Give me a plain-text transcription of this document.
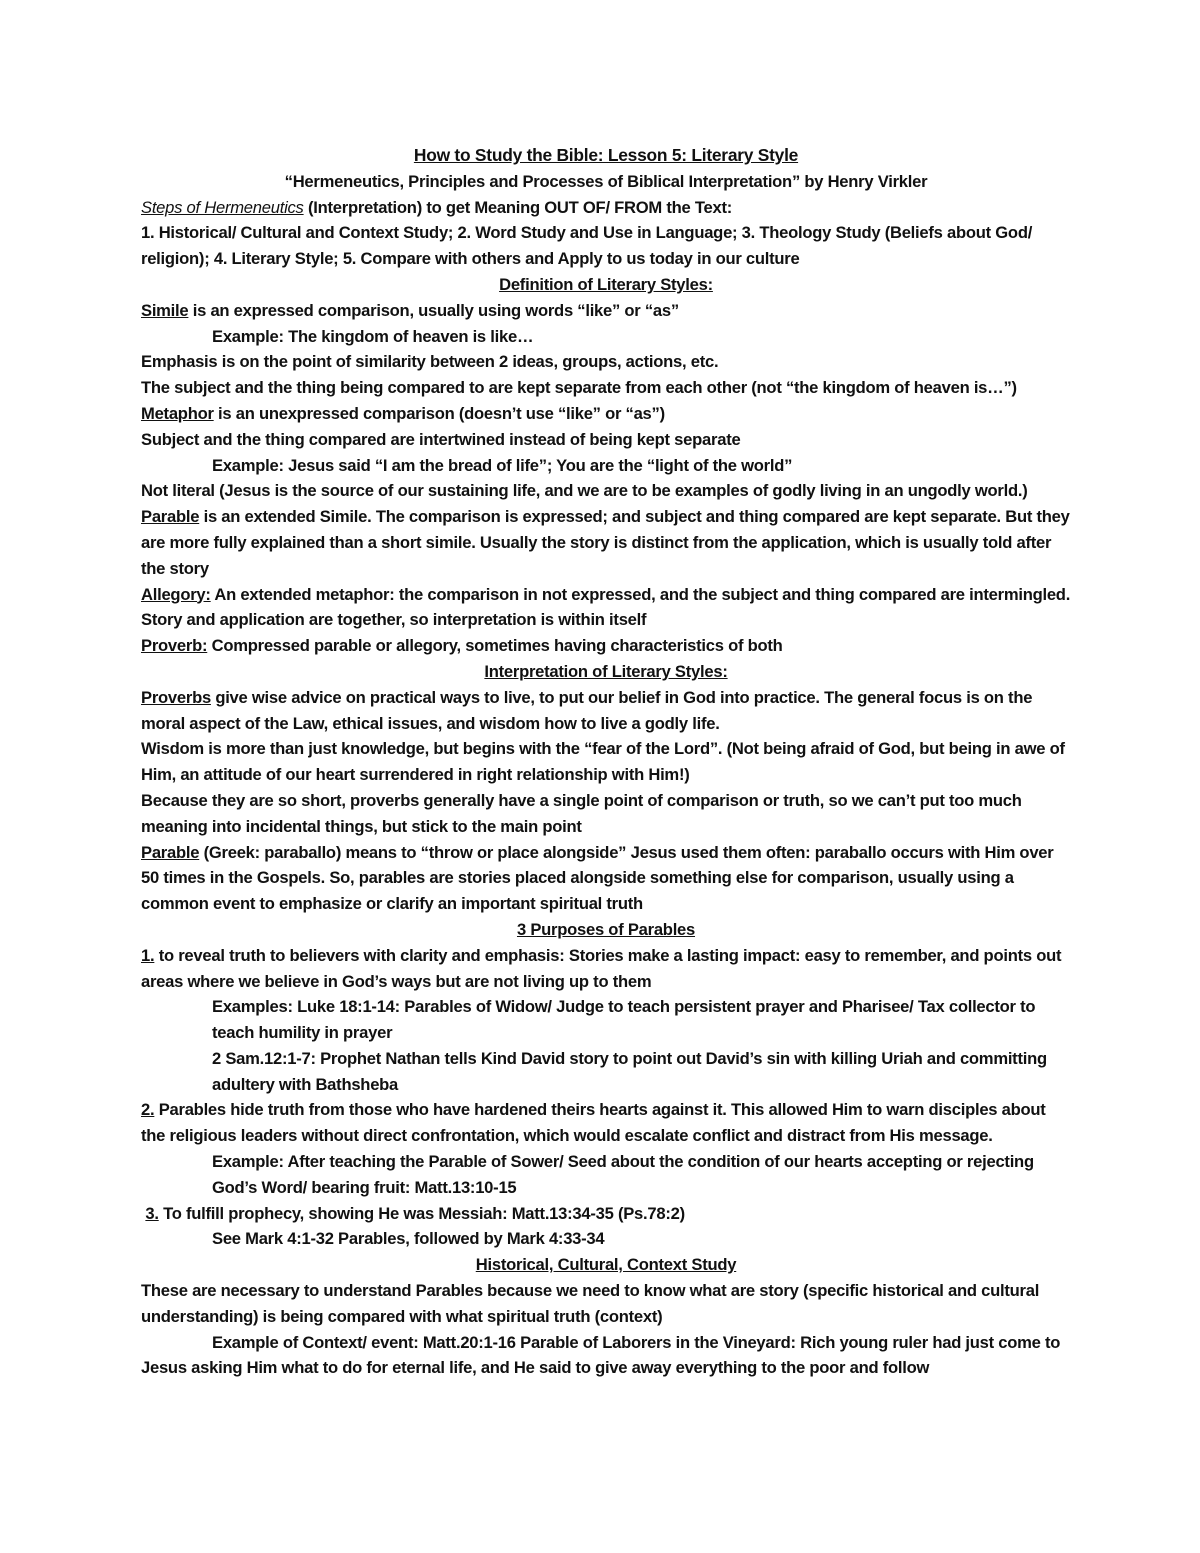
How to Study the Bible: Lesson 5: Literary Style
“Hermeneutics, Principles and Processes of Biblical Interpretation” by Henry Virkler
Steps of Hermeneutics (Interpretation) to get Meaning OUT OF/ FROM the Text:
1. Historical/ Cultural and Context Study; 2. Word Study and Use in Language; 3. Theology Study (Beliefs about God/ religion); 4. Literary Style; 5. Compare with others and Apply to us today in our culture
Definition of Literary Styles:
Simile is an expressed comparison, usually using words “like” or “as”
Example: The kingdom of heaven is like…
Emphasis is on the point of similarity between 2 ideas, groups, actions, etc.
The subject and the thing being compared to are kept separate from each other (not “the kingdom of heaven is…”)
Metaphor is an unexpressed comparison (doesn’t use “like” or “as”)
Subject and the thing compared are intertwined instead of being kept separate
Example: Jesus said “I am the bread of life”; You are the “light of the world”
Not literal (Jesus is the source of our sustaining life, and we are to be examples of godly living in an ungodly world.)
Parable is an extended Simile. The comparison is expressed; and subject and thing compared are kept separate. But they are more fully explained than a short simile. Usually the story is distinct from the application, which is usually told after the story
Allegory: An extended metaphor: the comparison in not expressed, and the subject and thing compared are intermingled. Story and application are together, so interpretation is within itself
Proverb: Compressed parable or allegory, sometimes having characteristics of both
Interpretation of Literary Styles:
Proverbs give wise advice on practical ways to live, to put our belief in God into practice. The general focus is on the moral aspect of the Law, ethical issues, and wisdom how to live a godly life.
Wisdom is more than just knowledge, but begins with the “fear of the Lord”. (Not being afraid of God, but being in awe of Him, an attitude of our heart surrendered in right relationship with Him!)
Because they are so short, proverbs generally have a single point of comparison or truth, so we can’t put too much meaning into incidental things, but stick to the main point
Parable (Greek: paraballo) means to “throw or place alongside” Jesus used them often: paraballo occurs with Him over 50 times in the Gospels. So, parables are stories placed alongside something else for comparison, usually using a common event to emphasize or clarify an important spiritual truth
3 Purposes of Parables
1. to reveal truth to believers with clarity and emphasis: Stories make a lasting impact: easy to remember, and points out areas where we believe in God’s ways but are not living up to them
Examples: Luke 18:1-14: Parables of Widow/ Judge to teach persistent prayer and Pharisee/ Tax collector to teach humility in prayer
2 Sam.12:1-7: Prophet Nathan tells Kind David story to point out David’s sin with killing Uriah and committing adultery with Bathsheba
2. Parables hide truth from those who have hardened theirs hearts against it. This allowed Him to warn disciples about the religious leaders without direct confrontation, which would escalate conflict and distract from His message.
Example: After teaching the Parable of Sower/ Seed about the condition of our hearts accepting or rejecting God’s Word/ bearing fruit: Matt.13:10-15
3. To fulfill prophecy, showing He was Messiah: Matt.13:34-35 (Ps.78:2)
See Mark 4:1-32 Parables, followed by Mark 4:33-34
Historical, Cultural, Context Study
These are necessary to understand Parables because we need to know what are story (specific historical and cultural understanding) is being compared with what spiritual truth (context)
Example of Context/ event: Matt.20:1-16 Parable of Laborers in the Vineyard: Rich young ruler had just come to Jesus asking Him what to do for eternal life, and He said to give away everything to the poor and follow
